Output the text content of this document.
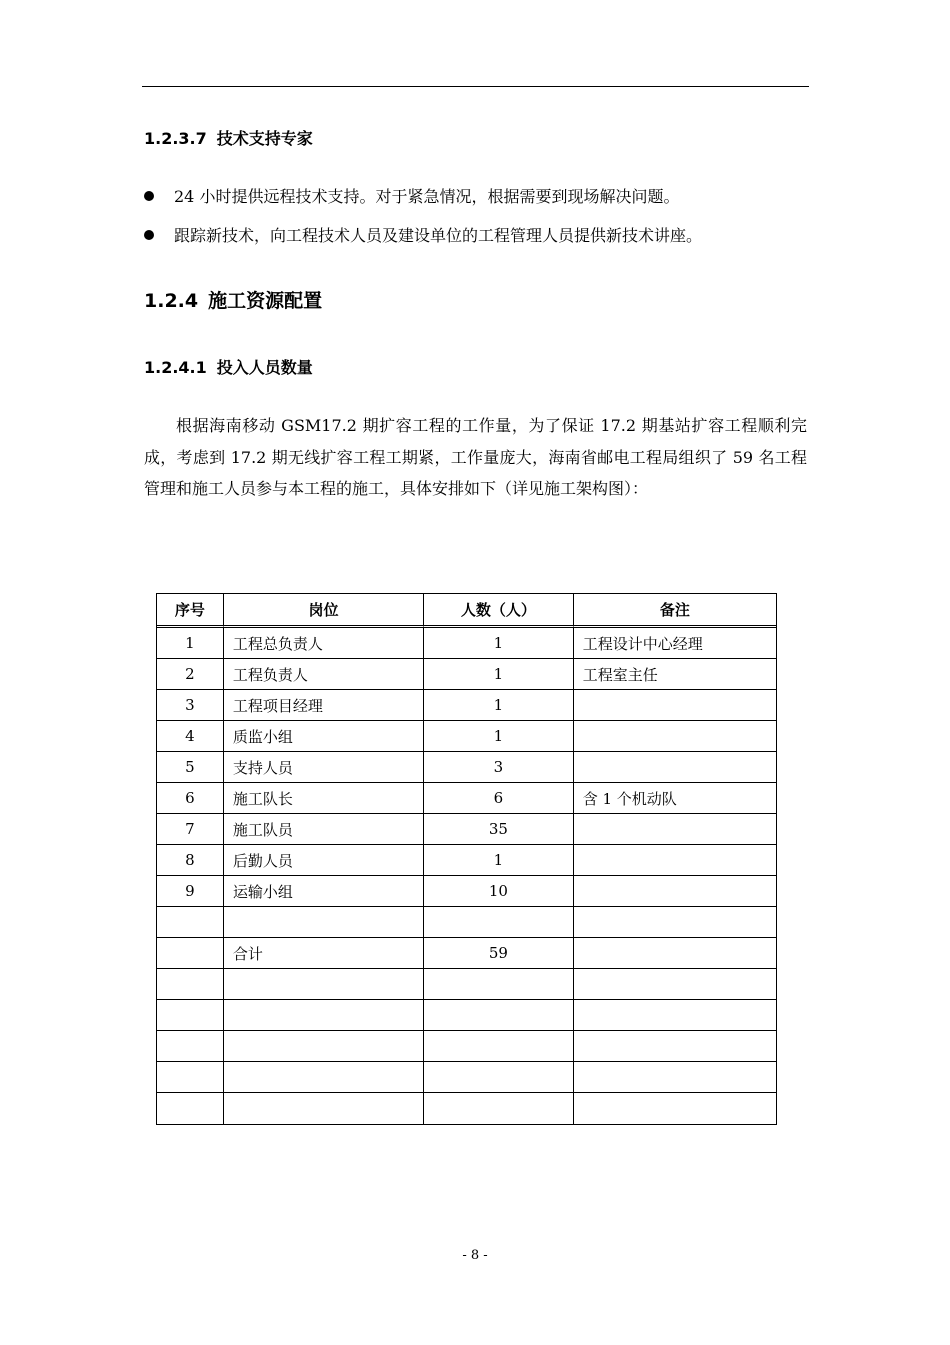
1.2.3.7 技术支持专家
24 小时提供远程技术支持。对于紧急情况，根据需要到现场解决问题。
跟踪新技术，向工程技术人员及建设单位的工程管理人员提供新技术讲座。
1.2.4 施工资源配置
1.2.4.1 投入人员数量
根据海南移动 GSM17.2 期扩容工程的工作量，为了保证 17.2 期基站扩容工程顺利完成，考虑到 17.2 期无线扩容工程工期紧，工作量庞大，海南省邮电工程局组织了 59 名工程管理和施工人员参与本工程的施工，具体安排如下（详见施工架构图）：
序号	岗位	人数（人）	备注
1	工程总负责人	1	工程设计中心经理
2	工程负责人	1	工程室主任
3	工程项目经理	1	
4	质监小组	1	
5	支持人员	3	
6	施工队长	6	含 1 个机动队
7	施工队员	35	
8	后勤人员	1	
9	运输小组	10	

	合计	59	

- 8 -
